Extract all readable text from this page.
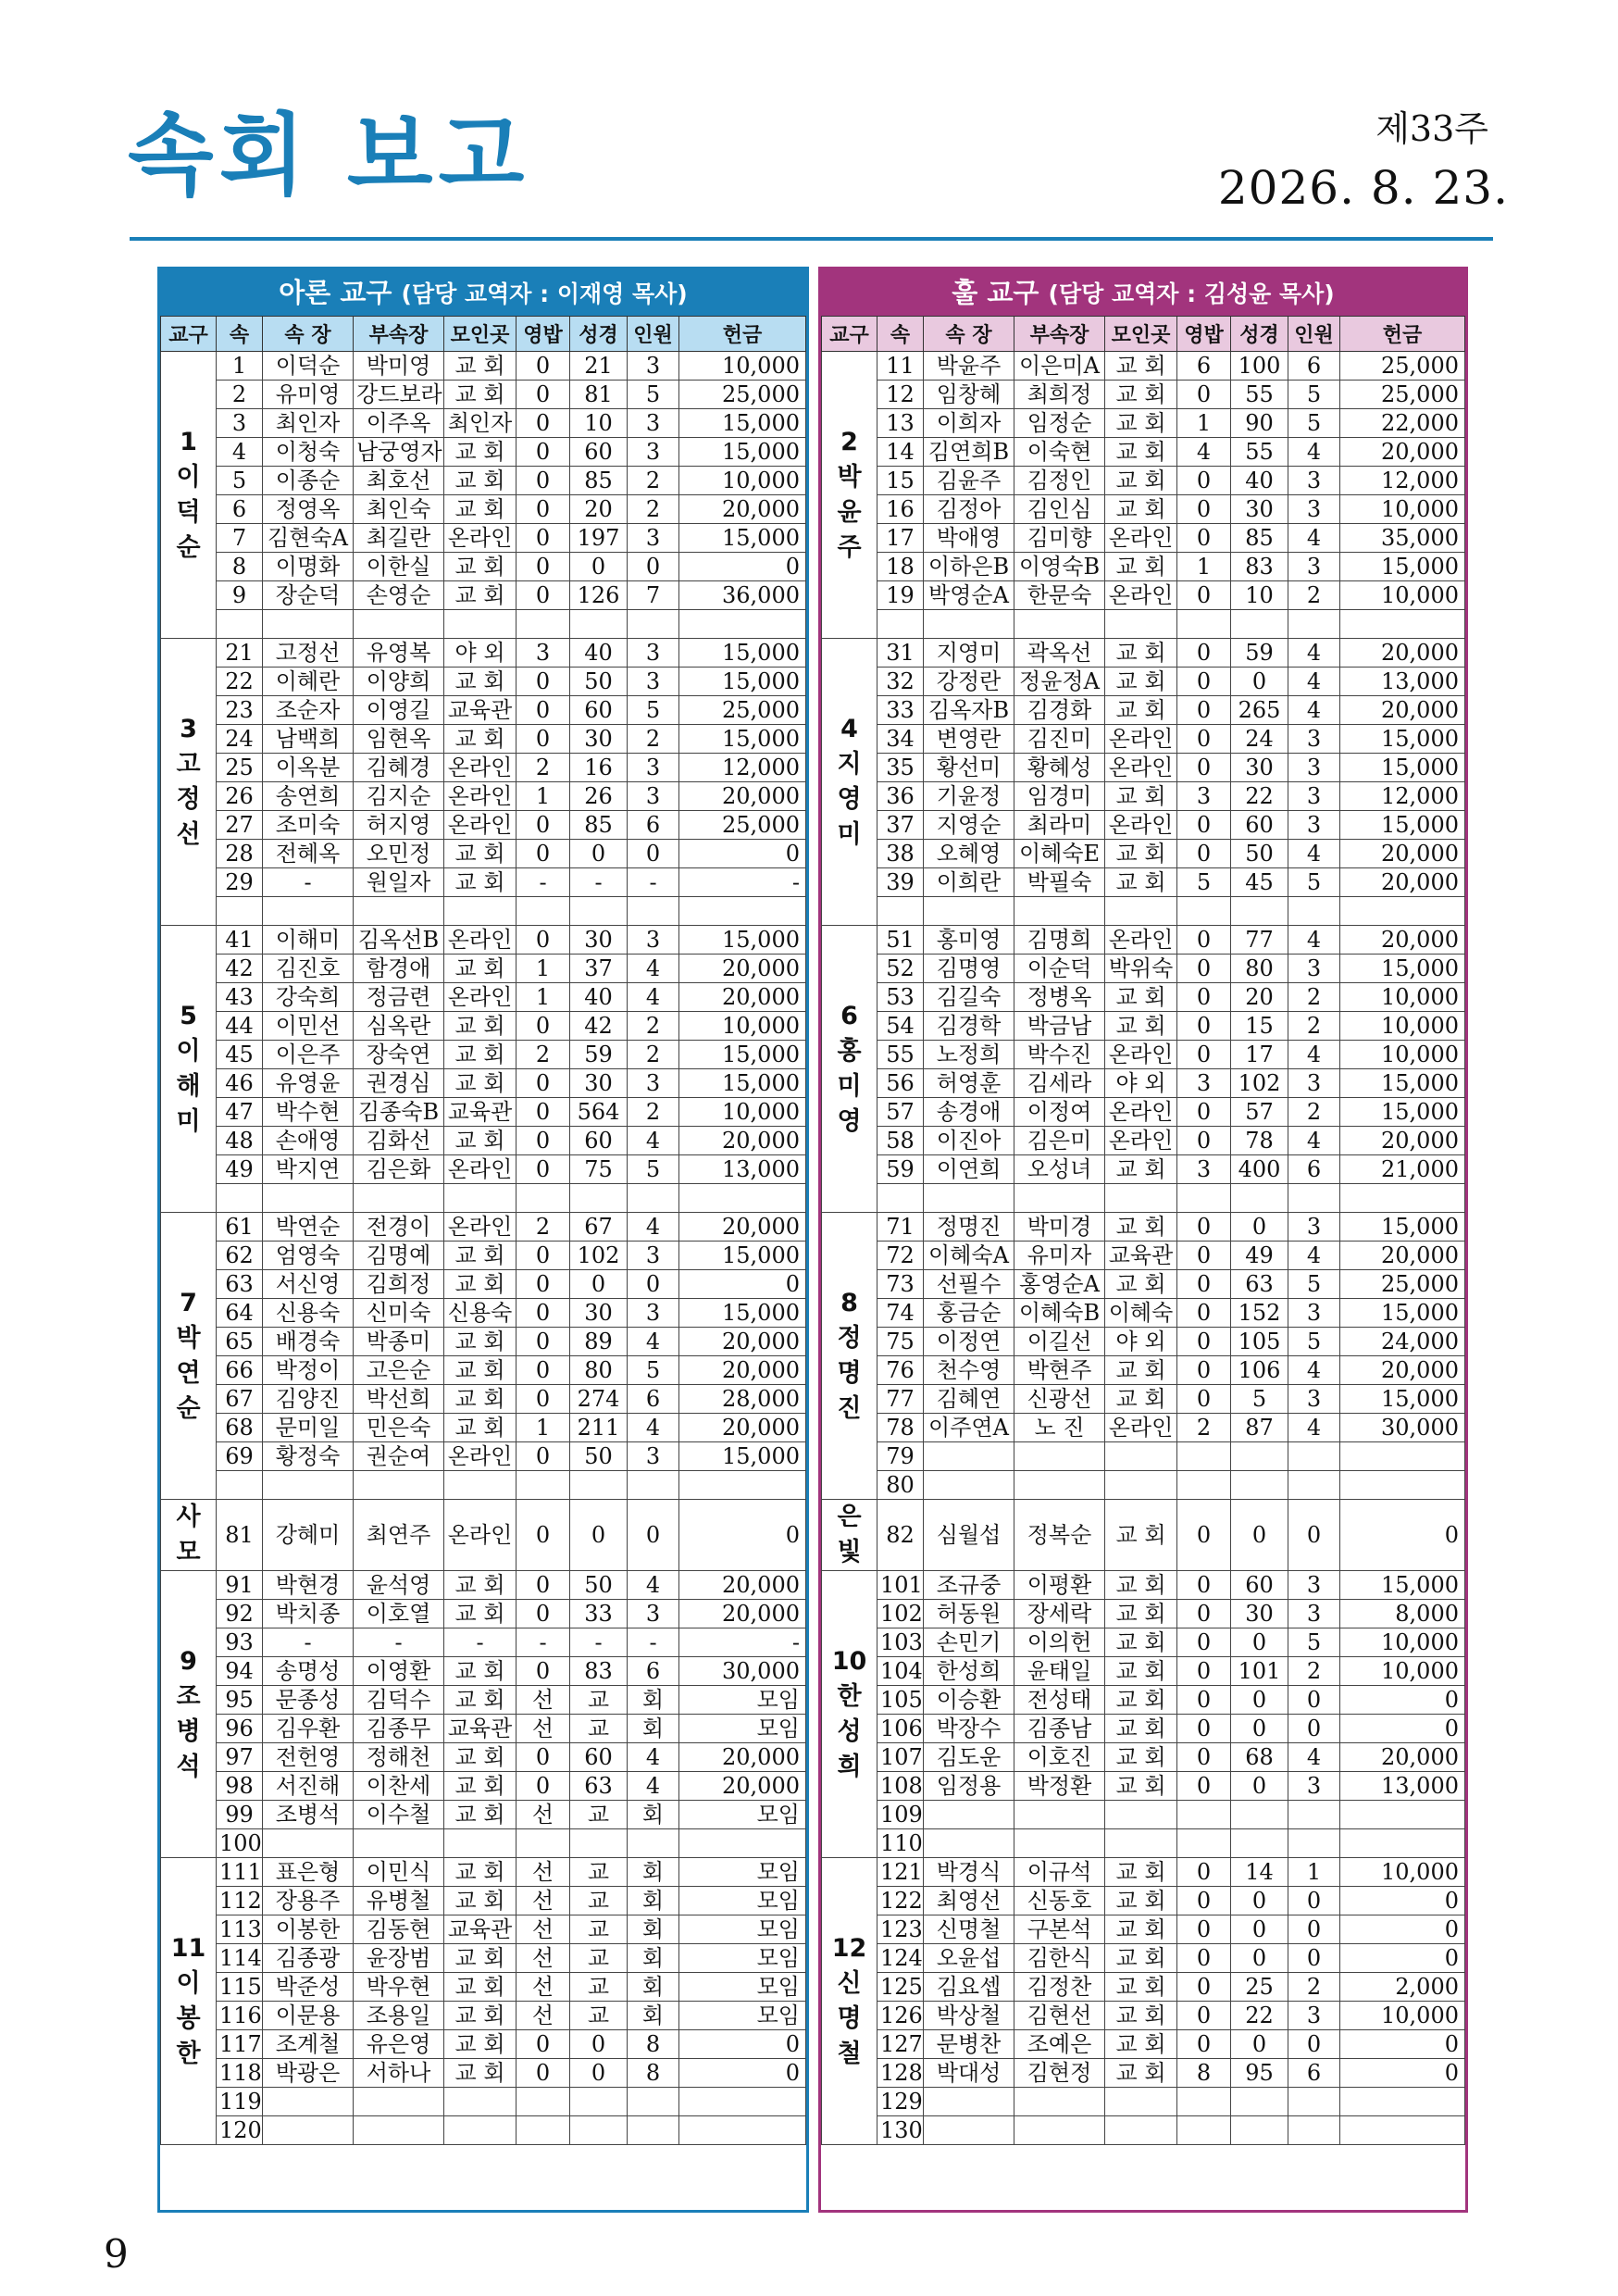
속회 보고	제33주
2026. 8. 23.
아론 교구 (담당 교역자 : 이재영 목사)
교구	속	속 장	부속장	모인곳	영밥	성경	인원	헌금

1
이
덕
순	1	이덕순	박미영	교 회	0	21	3	10,000
	2	유미영	강드보라	교 회	0	81	5	25,000
	3	최인자	이주옥	최인자	0	10	3	15,000
	4	이청숙	남궁영자	교 회	0	60	3	15,000
	5	이종순	최호선	교 회	0	85	2	10,000
	6	정영옥	최인숙	교 회	0	20	2	20,000
	7	김현숙A	최길란	온라인	0	197	3	15,000
	8	이명화	이한실	교 회	0	0	0	0
	9	장순덕	손영순	교 회	0	126	7	36,000

3
고
정
선	21	고정선	유영복	야 외	3	40	3	15,000
	22	이혜란	이양희	교 회	0	50	3	15,000
	23	조순자	이영길	교육관	0	60	5	25,000
	24	남백희	임현옥	교 회	0	30	2	15,000
	25	이옥분	김혜경	온라인	2	16	3	12,000
	26	송연희	김지순	온라인	1	26	3	20,000
	27	조미숙	허지영	온라인	0	85	6	25,000
	28	전혜옥	오민정	교 회	0	0	0	0
	29	-	원일자	교 회	-	-	-	-

5
이
해
미	41	이해미	김옥선B	온라인	0	30	3	15,000
	42	김진호	함경애	교 회	1	37	4	20,000
	43	강숙희	정금련	온라인	1	40	4	20,000
	44	이민선	심옥란	교 회	0	42	2	10,000
	45	이은주	장숙연	교 회	2	59	2	15,000
	46	유영윤	권경심	교 회	0	30	3	15,000
	47	박수현	김종숙B	교육관	0	564	2	10,000
	48	손애영	김화선	교 회	0	60	4	20,000
	49	박지연	김은화	온라인	0	75	5	13,000

7
박
연
순	61	박연순	전경이	온라인	2	67	4	20,000
	62	엄영숙	김명예	교 회	0	102	3	15,000
	63	서신영	김희정	교 회	0	0	0	0
	64	신용숙	신미숙	신용숙	0	30	3	15,000
	65	배경숙	박종미	교 회	0	89	4	20,000
	66	박정이	고은순	교 회	0	80	5	20,000
	67	김양진	박선희	교 회	0	274	6	28,000
	68	문미일	민은숙	교 회	1	211	4	20,000
	69	황정숙	권순여	온라인	0	50	3	15,000

사
모	81	강혜미	최연주	온라인	0	0	0	0

9
조
병
석	91	박현경	윤석영	교 회	0	50	4	20,000
	92	박치종	이호열	교 회	0	33	3	20,000
	93	-	-	-	-	-	-	-
	94	송명성	이영환	교 회	0	83	6	30,000
	95	문종성	김덕수	교 회	선	교	회	모임
	96	김우환	김종무	교육관	선	교	회	모임
	97	전헌영	정해천	교 회	0	60	4	20,000
	98	서진해	이찬세	교 회	0	63	4	20,000
	99	조병석	이수철	교 회	선	교	회	모임
	100							

11
이
봉
한	111	표은형	이민식	교 회	선	교	회	모임
	112	장용주	유병철	교 회	선	교	회	모임
	113	이봉한	김동현	교육관	선	교	회	모임
	114	김종광	윤장범	교 회	선	교	회	모임
	115	박준성	박우현	교 회	선	교	회	모임
	116	이문용	조용일	교 회	선	교	회	모임
	117	조계철	유은영	교 회	0	0	8	0
	118	박광은	서하나	교 회	0	0	8	0
	119							
	120							
훌 교구 (담당 교역자 : 김성윤 목사)
교구	속	속 장	부속장	모인곳	영밥	성경	인원	헌금

2
박
윤
주	11	박윤주	이은미A	교 회	6	100	6	25,000
	12	임창혜	최희정	교 회	0	55	5	25,000
	13	이희자	임정순	교 회	1	90	5	22,000
	14	김연희B	이숙현	교 회	4	55	4	20,000
	15	김윤주	김정인	교 회	0	40	3	12,000
	16	김정아	김인심	교 회	0	30	3	10,000
	17	박애영	김미향	온라인	0	85	4	35,000
	18	이하은B	이영숙B	교 회	1	83	3	15,000
	19	박영순A	한문숙	온라인	0	10	2	10,000

4
지
영
미	31	지영미	곽옥선	교 회	0	59	4	20,000
	32	강정란	정윤정A	교 회	0	0	4	13,000
	33	김옥자B	김경화	교 회	0	265	4	20,000
	34	변영란	김진미	온라인	0	24	3	15,000
	35	황선미	황혜성	온라인	0	30	3	15,000
	36	기윤정	임경미	교 회	3	22	3	12,000
	37	지영순	최라미	온라인	0	60	3	15,000
	38	오혜영	이혜숙E	교 회	0	50	4	20,000
	39	이희란	박필숙	교 회	5	45	5	20,000

6
홍
미
영	51	홍미영	김명희	온라인	0	77	4	20,000
	52	김명영	이순덕	박위숙	0	80	3	15,000
	53	김길숙	정병옥	교 회	0	20	2	10,000
	54	김경학	박금남	교 회	0	15	2	10,000
	55	노정희	박수진	온라인	0	17	4	10,000
	56	허영훈	김세라	야 외	3	102	3	15,000
	57	송경애	이정여	온라인	0	57	2	15,000
	58	이진아	김은미	온라인	0	78	4	20,000
	59	이연희	오성녀	교 회	3	400	6	21,000

8
정
명
진	71	정명진	박미경	교 회	0	0	3	15,000
	72	이혜숙A	유미자	교육관	0	49	4	20,000
	73	선필수	홍영순A	교 회	0	63	5	25,000
	74	홍금순	이혜숙B	이혜숙	0	152	3	15,000
	75	이정연	이길선	야 외	0	105	5	24,000
	76	천수영	박현주	교 회	0	106	4	20,000
	77	김혜연	신광선	교 회	0	5	3	15,000
	78	이주연A	노 진	온라인	2	87	4	30,000
	79							
	80							

은
빛	82	심월섭	정복순	교 회	0	0	0	0

10
한
성
희	101	조규중	이평환	교 회	0	60	3	15,000
	102	허동원	장세락	교 회	0	30	3	8,000
	103	손민기	이의헌	교 회	0	0	5	10,000
	104	한성희	윤태일	교 회	0	101	2	10,000
	105	이승환	전성태	교 회	0	0	0	0
	106	박장수	김종남	교 회	0	0	0	0
	107	김도운	이호진	교 회	0	68	4	20,000
	108	임정용	박정환	교 회	0	0	3	13,000
	109							
	110							

12
신
명
철	121	박경식	이규석	교 회	0	14	1	10,000
	122	최영선	신동호	교 회	0	0	0	0
	123	신명철	구본석	교 회	0	0	0	0
	124	오윤섭	김한식	교 회	0	0	0	0
	125	김요셉	김정찬	교 회	0	25	2	2,000
	126	박상철	김현선	교 회	0	22	3	10,000
	127	문병찬	조예은	교 회	0	0	0	0
	128	박대성	김현정	교 회	8	95	6	0
	129							
	130							
9
